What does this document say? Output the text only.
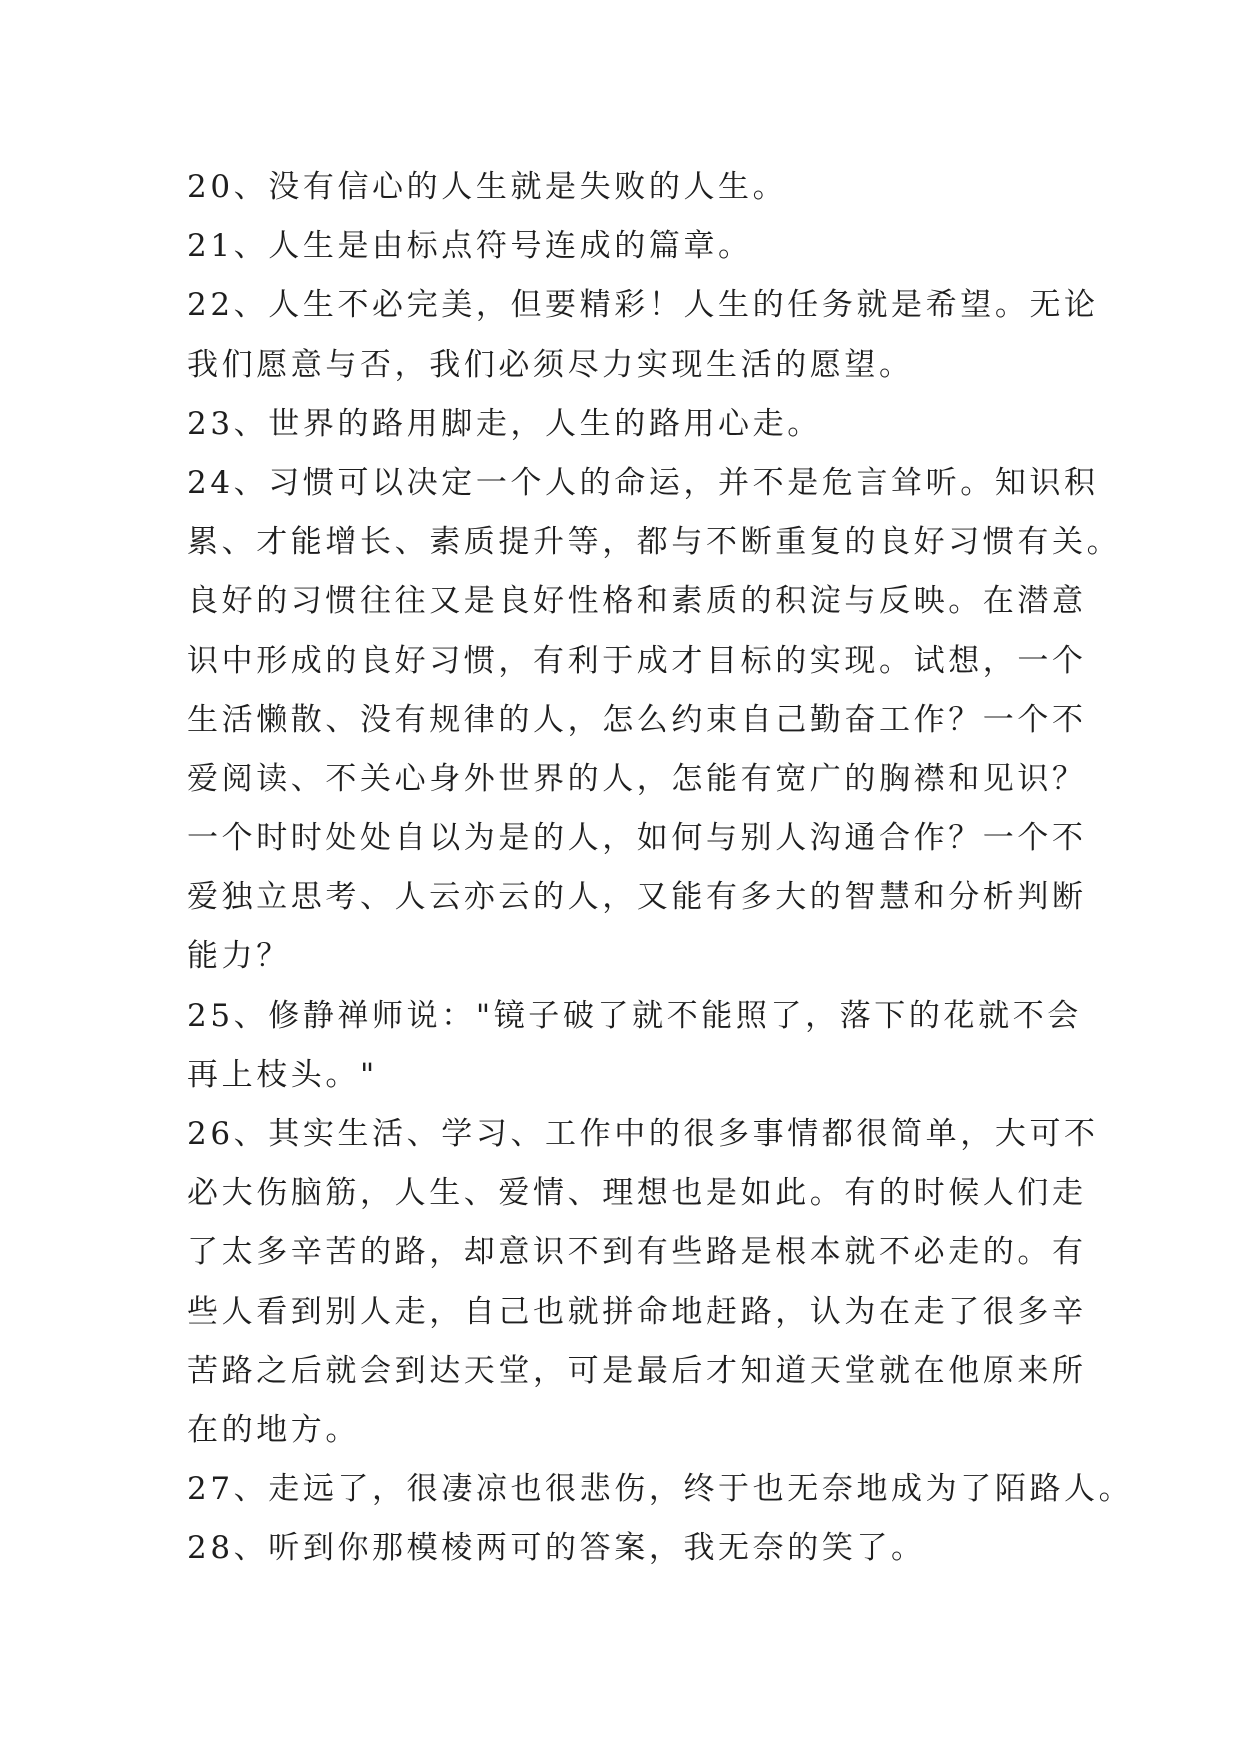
20、没有信心的人生就是失败的人生。
21、人生是由标点符号连成的篇章。
22、人生不必完美，但要精彩！人生的任务就是希望。无论
我们愿意与否，我们必须尽力实现生活的愿望。
23、世界的路用脚走，人生的路用心走。
24、习惯可以决定一个人的命运，并不是危言耸听。知识积
累、才能增长、素质提升等，都与不断重复的良好习惯有关。
良好的习惯往往又是良好性格和素质的积淀与反映。在潜意
识中形成的良好习惯，有利于成才目标的实现。试想，一个
生活懒散、没有规律的人，怎么约束自己勤奋工作？一个不
爱阅读、不关心身外世界的人，怎能有宽广的胸襟和见识？
一个时时处处自以为是的人，如何与别人沟通合作？一个不
爱独立思考、人云亦云的人，又能有多大的智慧和分析判断
能力？
25、修静禅师说："镜子破了就不能照了，落下的花就不会
再上枝头。"
26、其实生活、学习、工作中的很多事情都很简单，大可不
必大伤脑筋，人生、爱情、理想也是如此。有的时候人们走
了太多辛苦的路，却意识不到有些路是根本就不必走的。有
些人看到别人走，自己也就拼命地赶路，认为在走了很多辛
苦路之后就会到达天堂，可是最后才知道天堂就在他原来所
在的地方。
27、走远了，很凄凉也很悲伤，终于也无奈地成为了陌路人。
28、听到你那模棱两可的答案，我无奈的笑了。
